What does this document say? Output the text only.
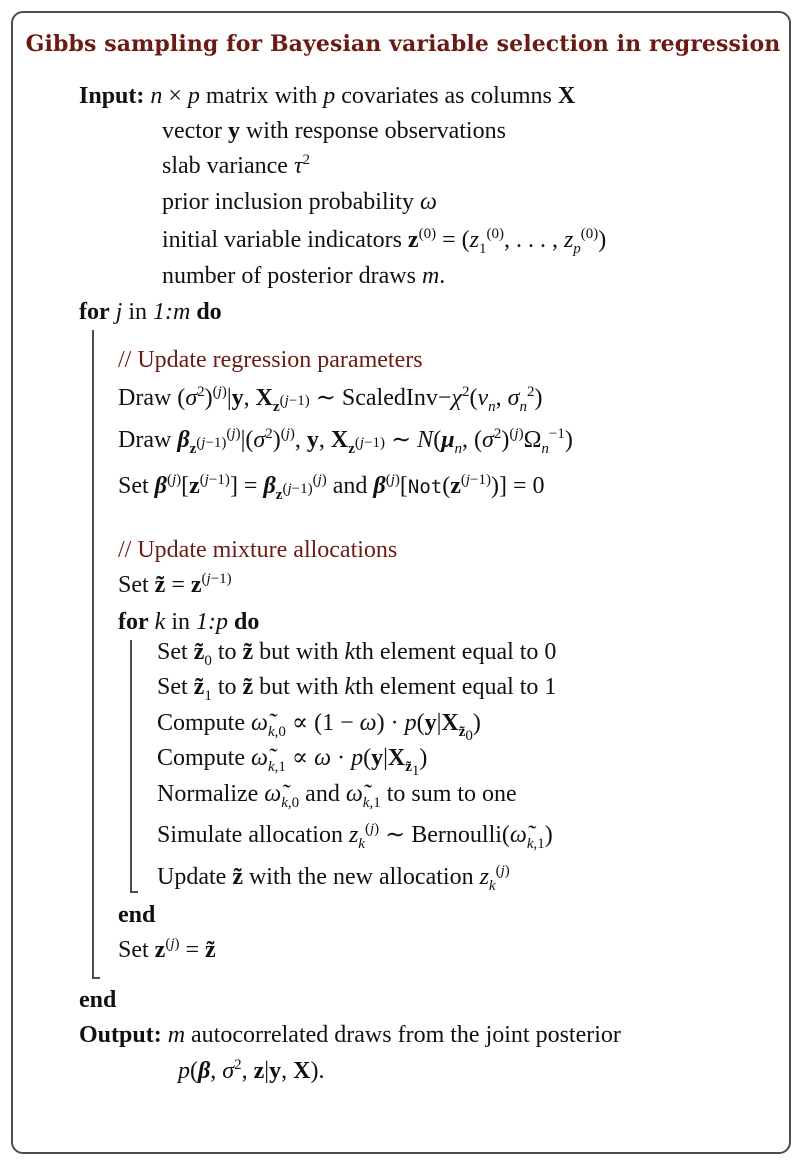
Gibbs sampling for Bayesian variable selection in regression
Input: n × p matrix with p covariates as columns X
vector y with response observations
slab variance $\tau^2$
prior inclusion probability ω
initial variable indicators $z^{(0)} = (z_1^{(0)}$, . . . , $z_p^{(0)}$)
number of posterior draws m.
for j in 1:m do
// Update regression parameters
Draw $(\sigma^2)^{(j)}|y$, $X_{z^{(j-1)}}$ ∼ $ScaledInv-\chi^2(\nu_n$, $\sigma_n^2$)
Draw $\beta_{z^{(j-1)}}^{(j)}|(\sigma^2)^{(j)}$, y, $X_{z^{(j-1)}}$ ∼ $N(\mu_n$, $(\sigma^2)^{(j)}\Omega_n^{-1}$)
Set $\beta^{(j)}[z^{(j-1)}] = \beta_{z^{(j-1)}}^{(j)}$ and $\beta^{(j)}[Not(z^{(j-1)})] = 0$
// Update mixture allocations
Set z̃ = $z^{(j-1)}$
for k in 1:p do
Set $z̃_0$ to z̃ but with kth element equal to 0
Set $z̃_1$ to z̃ but with kth element equal to 1
Compute $\omegã_{k,0} \propto (1 - \omega) \cdot p(y|X_{z̃_0})$
Compute $\omegã_{k,1} \propto \omega \cdot p(y|X_{z̃_1})$
Normalize $\omegã_{k,0}$ and $\omegã_{k,1}$ to sum to one
Simulate allocation $z_k^{(j)}$ ∼ $Bernoulli(\omegã_{k,1})$
Update z̃ with the new allocation $z_k^{(j)}$
end
Set $z^{(j)}$ = z̃
end
Output: m autocorrelated draws from the joint posterior
p(β, $\sigma^2$, z|y, X).
